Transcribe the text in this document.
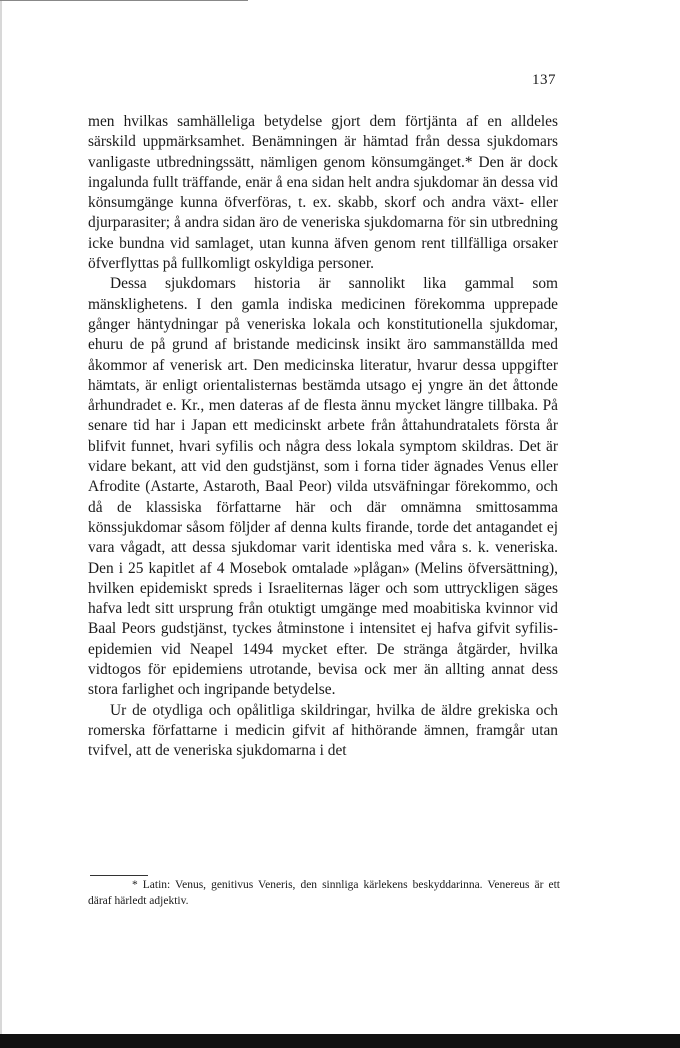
137

men hvilkas samhälleliga betydelse gjort dem förtjänta af en alldeles särskild uppmärksamhet. Benämningen är hämtad från dessa sjukdomars vanligaste utbredningssätt, nämligen genom könsumgänget.* Den är dock ingalunda fullt träffande, enär å ena sidan helt andra sjukdomar än dessa vid könsumgänge kunna öfverföras, t. ex. skabb, skorf och andra växt- eller djurparasiter; å andra sidan äro de veneriska sjukdomarna för sin utbredning icke bundna vid samlaget, utan kunna äfven genom rent tillfälliga orsaker öfverflyttas på fullkomligt oskyldiga personer.

Dessa sjukdomars historia är sannolikt lika gammal som mänsklighetens. I den gamla indiska medicinen förekomma upprepade gånger häntydningar på veneriska lokala och konstitutionella sjukdomar, ehuru de på grund af bristande medicinsk insikt äro sammanställda med åkommor af venerisk art. Den medicinska literatur, hvarur dessa uppgifter hämtats, är enligt orientalisternas bestämda utsago ej yngre än det åttonde århundradet e. Kr., men dateras af de flesta ännu mycket längre tillbaka. På senare tid har i Japan ett medicinskt arbete från åttahundratalets första år blifvit funnet, hvari syfilis och några dess lokala symptom skildras. Det är vidare bekant, att vid den gudstjänst, som i forna tider ägnades Venus eller Afrodite (Astarte, Astaroth, Baal Peor) vilda utsväfningar förekommo, och då de klassiska författarne här och där omnämna smittosamma könssjukdomar såsom följder af denna kults firande, torde det antagandet ej vara vågadt, att dessa sjukdomar varit identiska med våra s. k. veneriska. Den i 25 kapitlet af 4 Mosebok omtalade »plågan» (Melins öfversättning), hvilken epidemiskt spreds i Israeliternas läger och som uttryckligen säges hafva ledt sitt ursprung från otuktigt umgänge med moabitiska kvinnor vid Baal Peors gudstjänst, tyckes åtminstone i intensitet ej hafva gifvit syfilis-epidemien vid Neapel 1494 mycket efter. De stränga åtgärder, hvilka vidtogos för epidemiens utrotande, bevisa ock mer än allting annat dess stora farlighet och ingripande betydelse.

Ur de otydliga och opålitliga skildringar, hvilka de äldre grekiska och romerska författarne i medicin gifvit af hithörande ämnen, framgår utan tvifvel, att de veneriska sjukdomarna i det

* Latin: Venus, genitivus Veneris, den sinnliga kärlekens beskyddarinna. Venereus är ett däraf härledt adjektiv.
